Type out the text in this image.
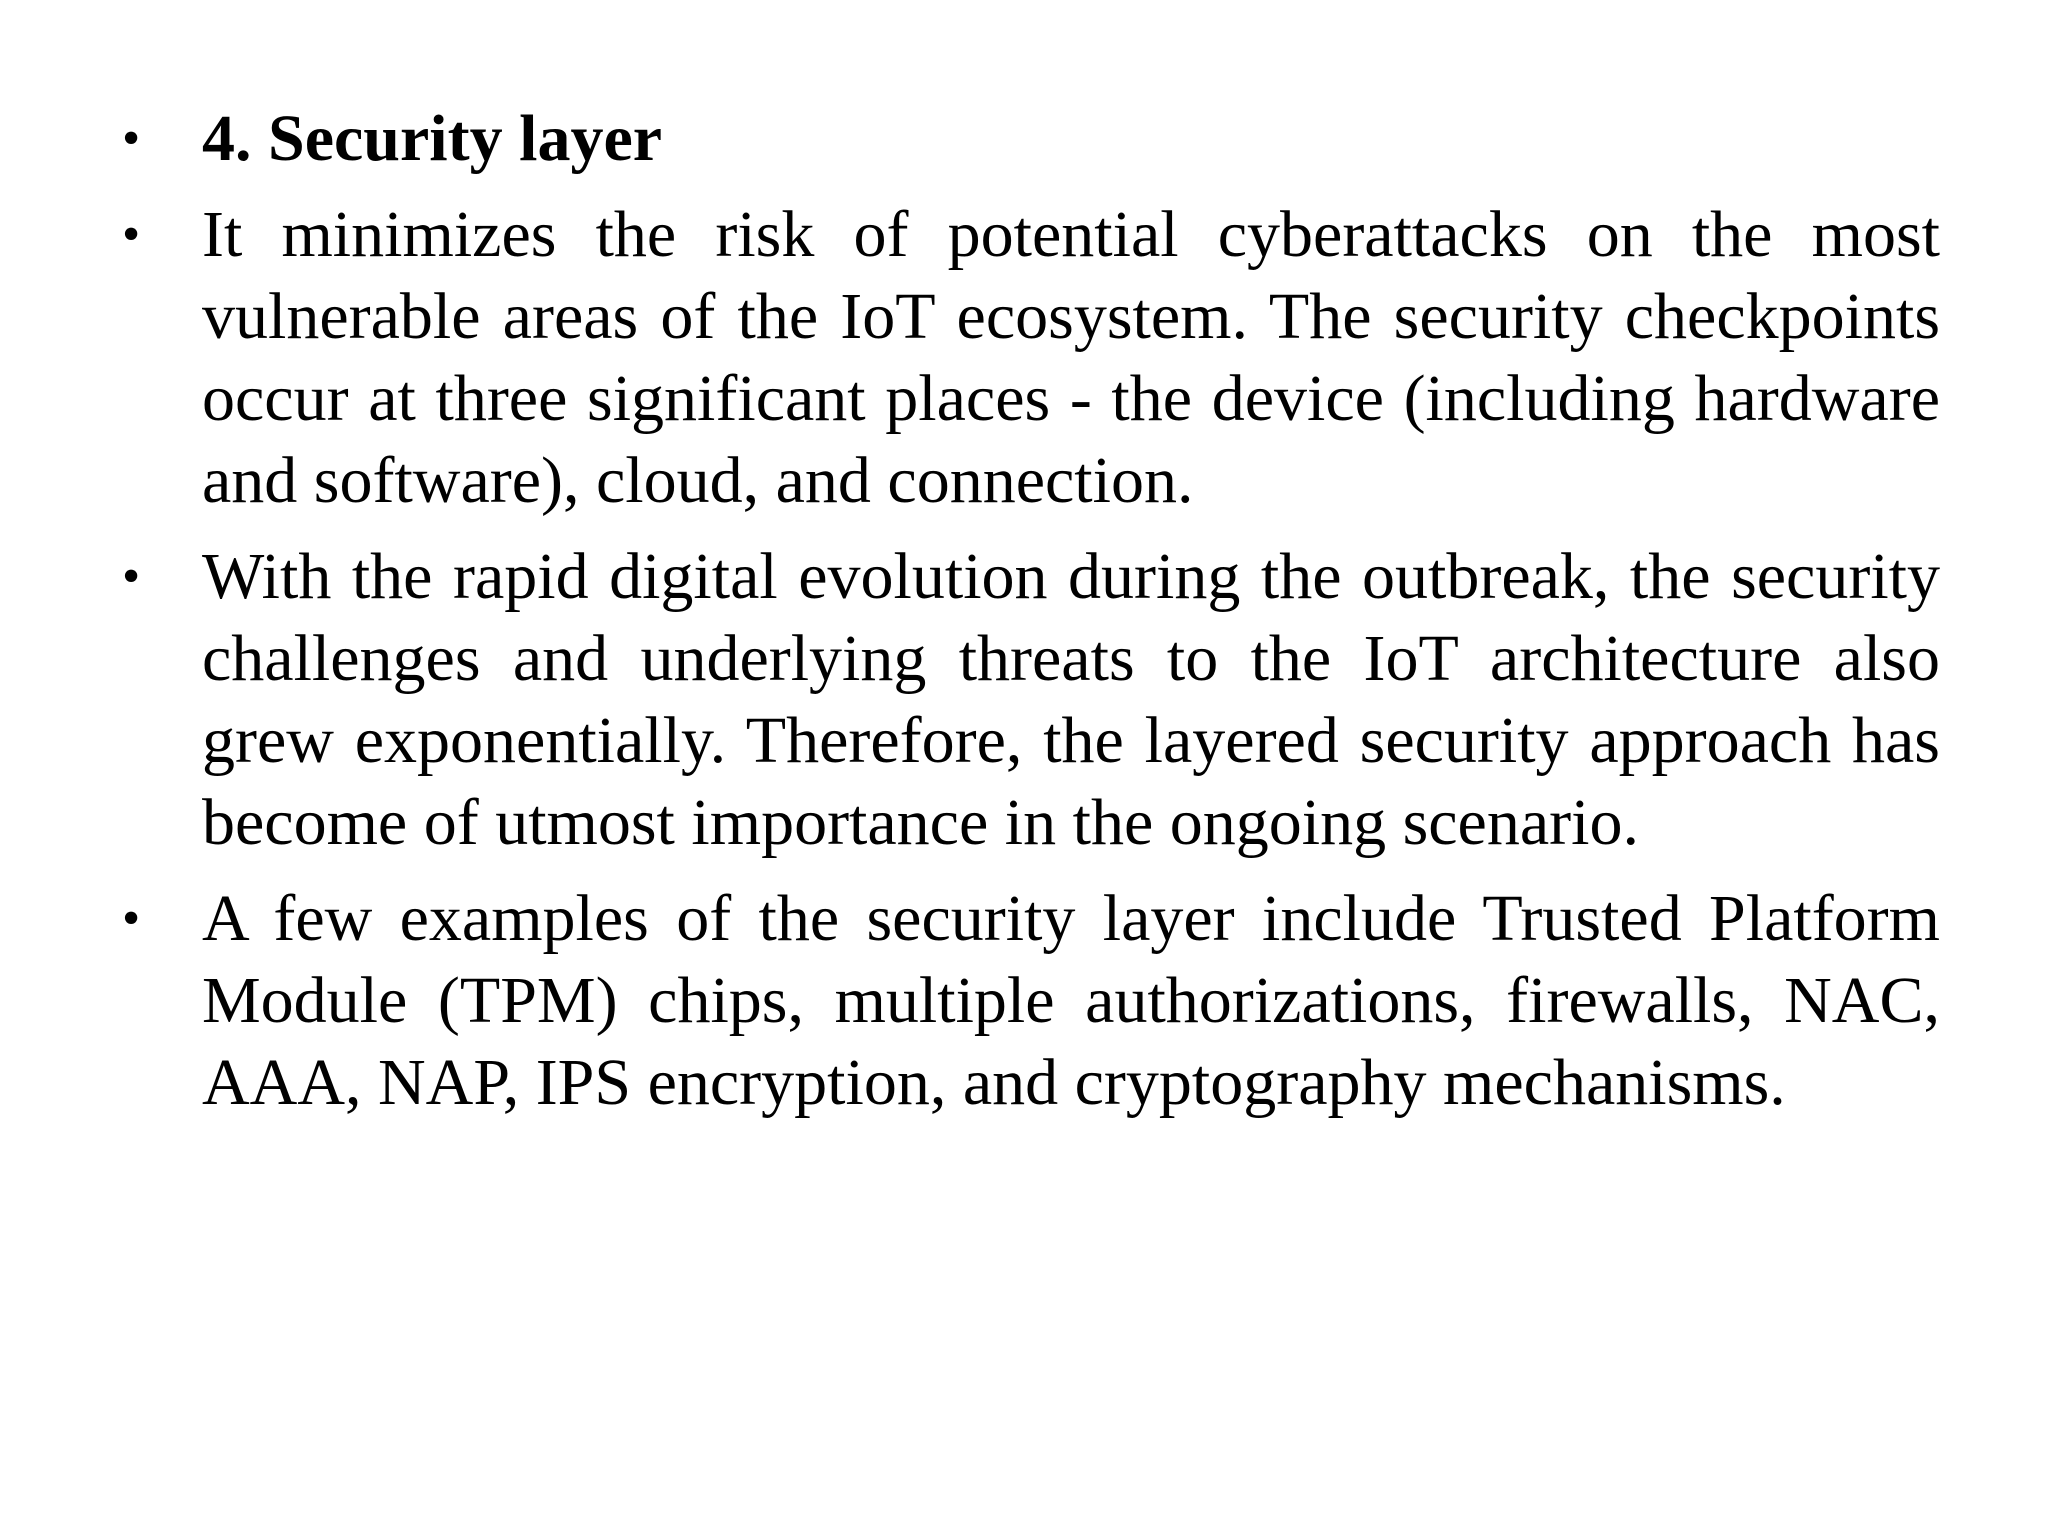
• 4. Security layer
• It minimizes the risk of potential cyberattacks on the most vulnerable areas of the IoT ecosystem. The security checkpoints occur at three significant places - the device (including hardware and software), cloud, and connection.
• With the rapid digital evolution during the outbreak, the security challenges and underlying threats to the IoT architecture also grew exponentially. Therefore, the layered security approach has become of utmost importance in the ongoing scenario.
• A few examples of the security layer include Trusted Platform Module (TPM) chips, multiple authorizations, firewalls, NAC, AAA, NAP, IPS encryption, and cryptography mechanisms.
